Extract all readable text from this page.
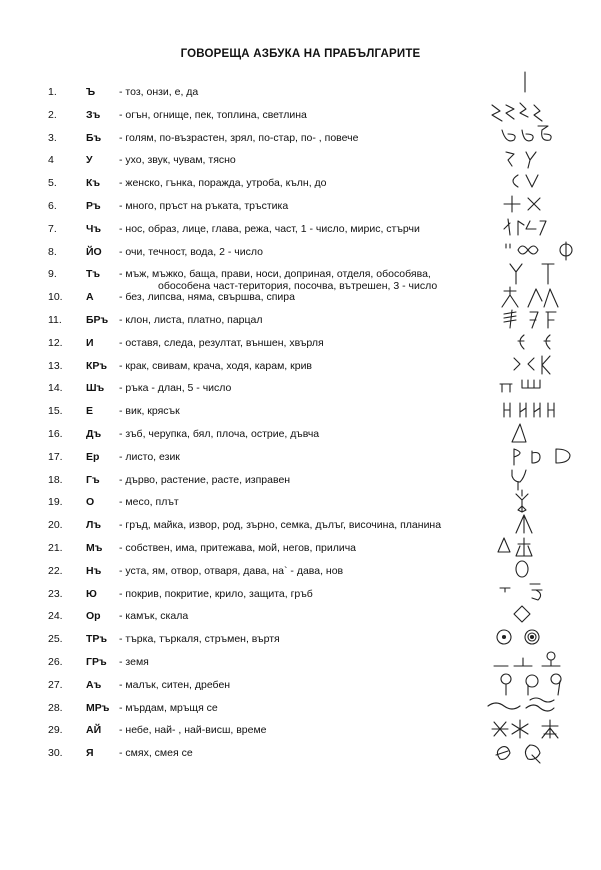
ГОВОРЕЩА АЗБУКА НА ПРАБЪЛГАРИТЕ
1.	Ъ - тоз, онзи, е, да
2.	Зъ - огън, огнище, пек, топлина, светлина
3.	Бъ - голям, по-възрастен, зрял, по-стар, по- , повече
4	У	- ухо, звук, чувам, тясно
5.	Къ - женско, гънка, поражда, утроба, кълн, до
6.	Ръ - много, пръст на ръката, тръстика
7.	Чъ - нос, образ, лице, глава, режа, част, 1 - число, мирис, стърчи
8.	ЙО - очи, течност, вода, 2 - число
9.	Tъ - мъж, мъжко, баща, прави, носи, доприная, отделя, обособява,
обособена част-територия, посочва, вътрешен, 3 - число
10. А - без, липсва, няма, свършва, спира
11. БРъ - клон, листа, платно, парцал
12. И - оставя, следа, резултат, външен, хвърля
13. КРъ - крак, свивам, крача, ходя, карам, крив
14. Шъ - ръка - длан, 5 - число
15. Е - вик, крясък
16. Дъ - зъб, черупка, бял, плоча, острие, дъвча
17. Ер - листо, език
18. Гъ - дърво, растение, расте, изправен
19. О - месо, плът
20. Лъ - гръд, майка, извор, род, зърно, семка, дълъг, височина, планина
21. Мъ - собствен, има, притежава, мой, негов, прилича
22. Нъ - уста, ям, отвор, отваря, дава, на` - дава, нов
23. Ю - покрив, покритие, крило, защита, гръб
24. Ор - камък, скала
25. ТРъ - търка, търкаля, стръмен, въртя
26. ГРъ - земя
27. Аъ - малък, ситен, дребен
28. МРъ - мърдам, мръщя се
29. АЙ - небе, най- , най-висш, време
30. Я - смях, смея се
